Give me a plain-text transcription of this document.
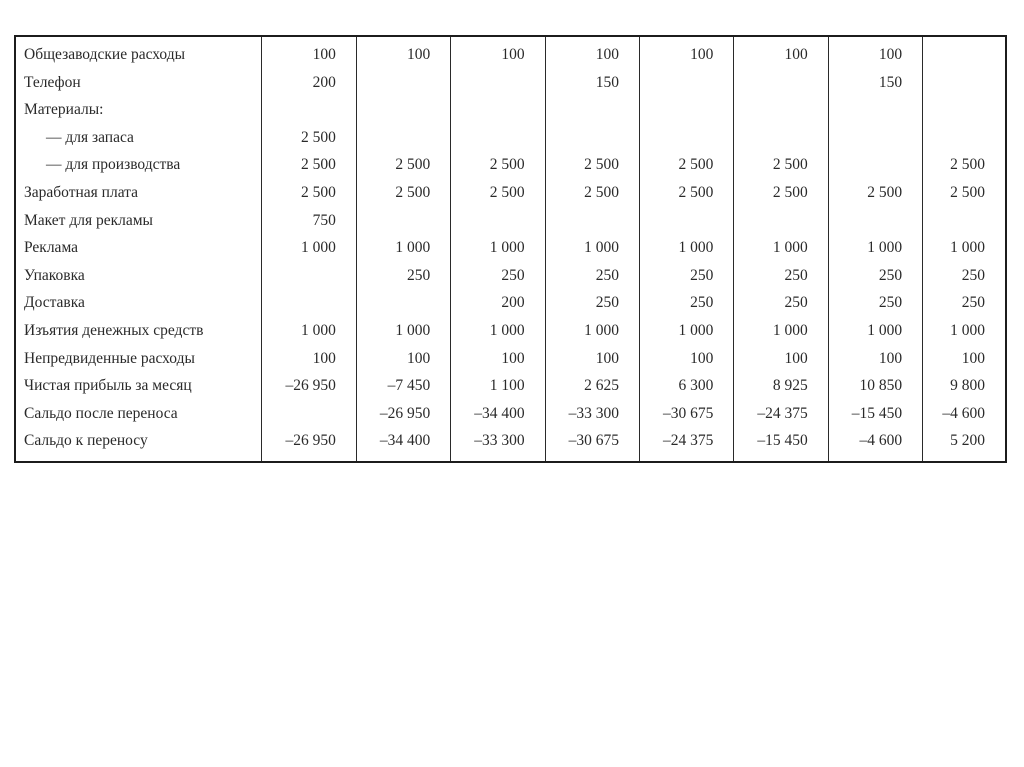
Общезаводские расходы	100	100	100	100	100	100	100	
Телефон	200			150			150	
Материалы:								
— для запаса	2 500							
— для производства	2 500	2 500	2 500	2 500	2 500	2 500		2 500
Заработная плата	2 500	2 500	2 500	2 500	2 500	2 500	2 500	2 500
Макет для рекламы	750							
Реклама	1 000	1 000	1 000	1 000	1 000	1 000	1 000	1 000
Упаковка		250	250	250	250	250	250	250
Доставка			200	250	250	250	250	250
Изъятия денежных средств	1 000	1 000	1 000	1 000	1 000	1 000	1 000	1 000
Непредвиденные расходы	100	100	100	100	100	100	100	100
Чистая прибыль за месяц	–26 950	–7 450	1 100	2 625	6 300	8 925	10 850	9 800
Сальдо после переноса		–26 950	–34 400	–33 300	–30 675	–24 375	–15 450	–4 600
Сальдо к переносу	–26 950	–34 400	–33 300	–30 675	–24 375	–15 450	–4 600	5 200
